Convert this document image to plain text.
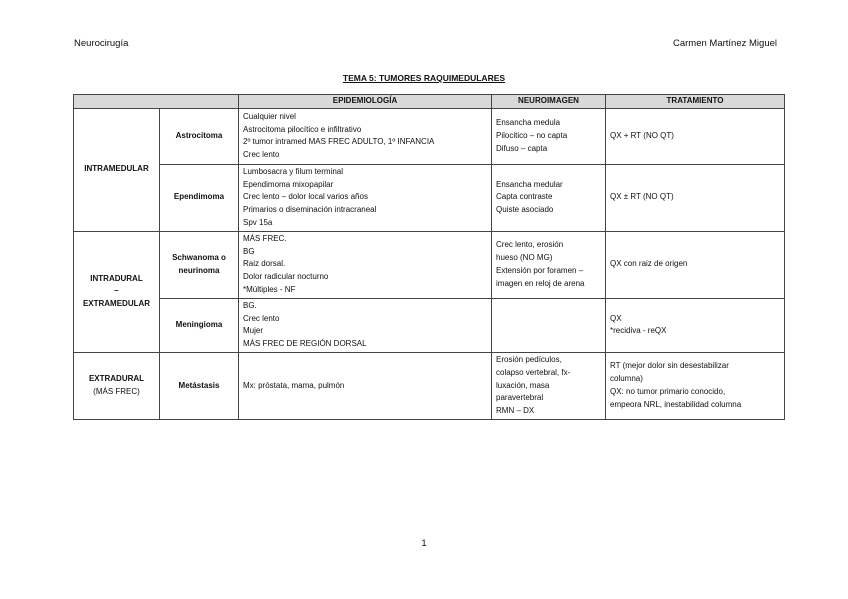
Neurocirugía	Carmen Martínez Miguel
TEMA 5: TUMORES RAQUIMEDULARES
		EPIDEMIOLOGÍA	NEUROIMAGEN	TRATAMIENTO

INTRAMEDULAR	Astrocitoma	Cualquier nivel
Astrocitoma pilocítico e infiltrativo
2º tumor intramed MAS FREC ADULTO, 1º INFANCIA
Crec lento	Ensancha medula
Pilocitico – no capta
Difuso – capta	QX + RT (NO QT)

	Ependimoma	Lumbosacra y filum terminal
Ependimoma mixopapilar
Crec lento – dolor local varios años
Primarios o diseminación intracraneal
Spv 15a	Ensancha medular
Capta contraste
Quiste asociado	QX ± RT (NO QT)

INTRADURAL
–
EXTRAMEDULAR	Schwanoma o
neurinoma	MÁS FREC.
BG
Raiz dorsal.
Dolor radicular nocturno
*Múltiples - NF	Crec lento, erosión
hueso (NO MG)
Extensión por foramen –
imagen en reloj de arena	QX con raiz de origen

	Meningioma	BG.
Crec lento
Mujer
MÁS FREC DE REGIÓN DORSAL		QX
*recidiva - reQX

EXTRADURAL
(MÁS FREC)	Metástasis	Mx: próstata, mama, pulmón	Erosión pedículos,
colapso vertebral, fx-
luxación, masa
paravertebral
RMN – DX	RT (mejor dolor sin desestabilizar
columna)
QX: no tumor primario conocido,
empeora NRL, inestabilidad columna
1
